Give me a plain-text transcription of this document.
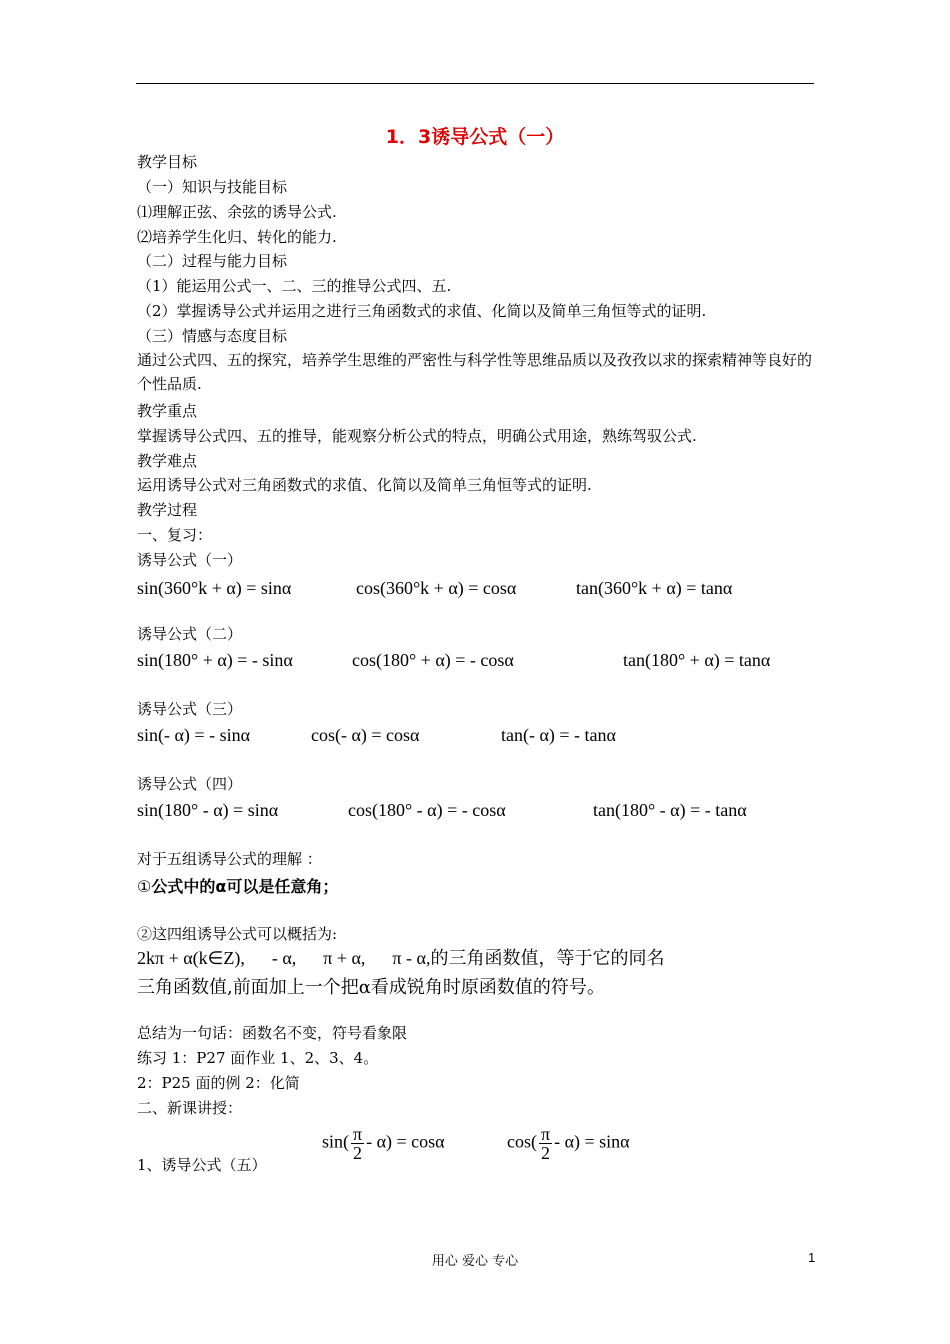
1．3诱导公式（一）
教学目标
（一）知识与技能目标
⑴理解正弦、余弦的诱导公式.
⑵培养学生化归、转化的能力.
（二）过程与能力目标
（1）能运用公式一、二、三的推导公式四、五.
（2）掌握诱导公式并运用之进行三角函数式的求值、化简以及简单三角恒等式的证明.
（三）情感与态度目标
通过公式四、五的探究，培养学生思维的严密性与科学性等思维品质以及孜孜以求的探索精神等良好的个性品质.
教学重点
掌握诱导公式四、五的推导，能观察分析公式的特点，明确公式用途，熟练驾驭公式.
教学难点
运用诱导公式对三角函数式的求值、化简以及简单三角恒等式的证明.
教学过程
一、复习：
诱导公式（一）
sin(360°k + α) = sinα	cos(360°k + α) = cosα	tan(360°k + α) = tanα
诱导公式（二）
sin(180° + α) = - sinα	cos(180° + α) = - cosα	tan(180° + α) = tanα
诱导公式（三）
sin(- α) = - sinα	cos(- α) = cosα	tan(- α) = - tanα
诱导公式（四）
sin(180° - α) = sinα	cos(180° - α) = - cosα	tan(180° - α) = - tanα
对于五组诱导公式的理解 ：
①公式中的α可以是任意角；
②这四组诱导公式可以概括为:
2kπ + α(k∈Z),      - α,      π + α,      π - α,的三角函数值，等于它的同名
三角函数值,前面加上一个把α看成锐角时原函数值的符号。
总结为一句话：函数名不变，符号看象限
练习 1：P27 面作业 1、2、3、4。
2：P25 面的例 2：化简
二、新课讲授：
$\sin( \frac{\pi}{2} - \alpha) = \cos\alpha$	$\cos( \frac{\pi}{2} - \alpha) = \sin\alpha$
1、诱导公式（五）
用心 爱心 专心	1
